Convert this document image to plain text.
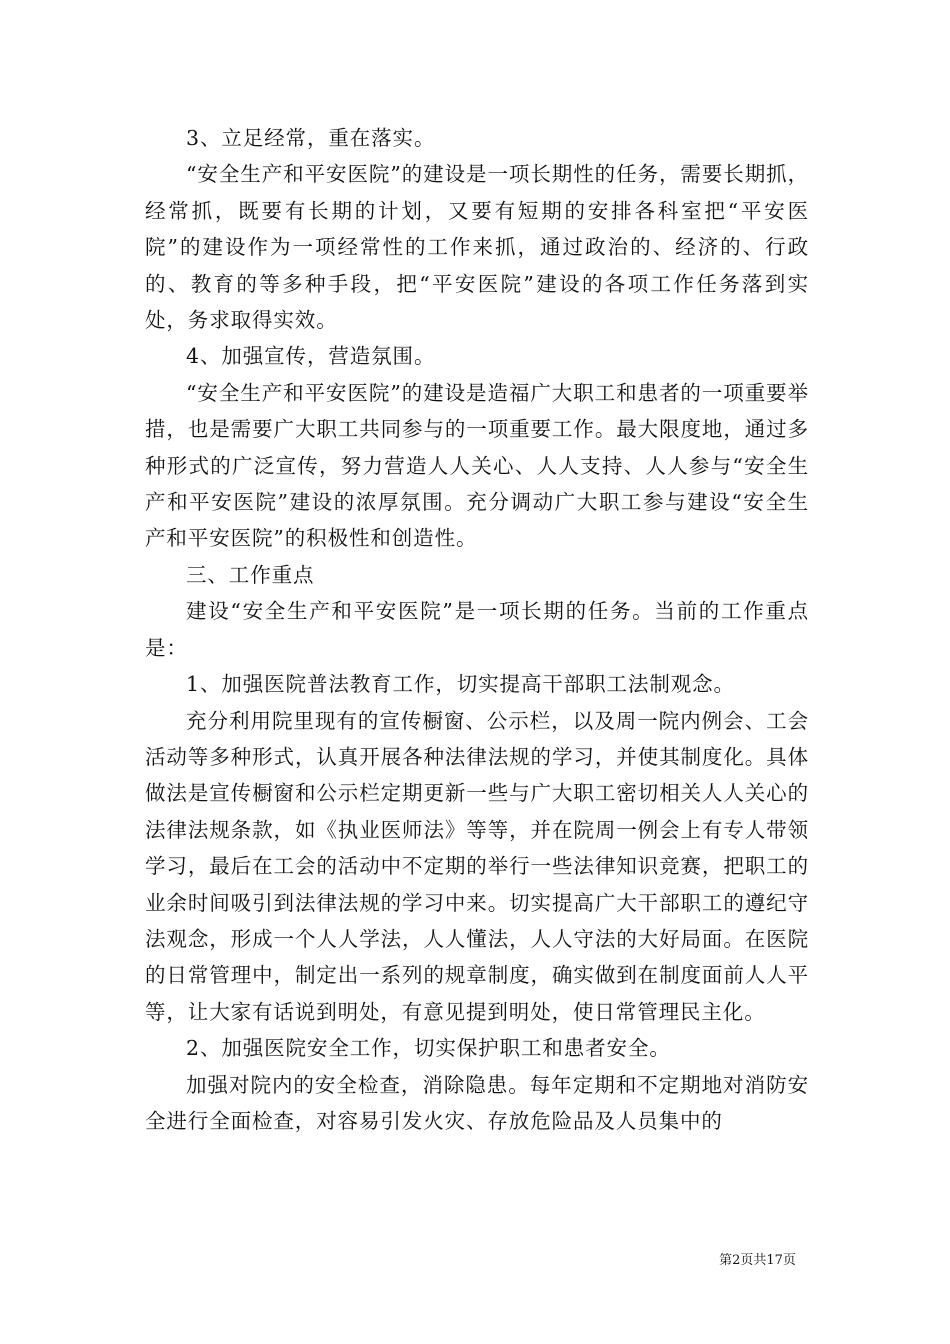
3、立足经常，重在落实。

“安全生产和平安医院”的建设是一项长期性的任务，需要长期抓，经常抓，既要有长期的计划，又要有短期的安排各科室把“平安医院”的建设作为一项经常性的工作来抓，通过政治的、经济的、行政的、教育的等多种手段，把“平安医院”建设的各项工作任务落到实处，务求取得实效。

4、加强宣传，营造氛围。

“安全生产和平安医院”的建设是造福广大职工和患者的一项重要举措，也是需要广大职工共同参与的一项重要工作。最大限度地，通过多种形式的广泛宣传，努力营造人人关心、人人支持、人人参与“安全生产和平安医院”建设的浓厚氛围。充分调动广大职工参与建设“安全生产和平安医院”的积极性和创造性。

三、工作重点

建设“安全生产和平安医院”是一项长期的任务。当前的工作重点是：

1、加强医院普法教育工作，切实提高干部职工法制观念。

充分利用院里现有的宣传橱窗、公示栏，以及周一院内例会、工会活动等多种形式，认真开展各种法律法规的学习，并使其制度化。具体做法是宣传橱窗和公示栏定期更新一些与广大职工密切相关人人关心的法律法规条款，如《执业医师法》等等，并在院周一例会上有专人带领学习，最后在工会的活动中不定期的举行一些法律知识竞赛，把职工的业余时间吸引到法律法规的学习中来。切实提高广大干部职工的遵纪守法观念，形成一个人人学法，人人懂法，人人守法的大好局面。在医院的日常管理中，制定出一系列的规章制度，确实做到在制度面前人人平等，让大家有话说到明处，有意见提到明处，使日常管理民主化。

2、加强医院安全工作，切实保护职工和患者安全。

加强对院内的安全检查，消除隐患。每年定期和不定期地对消防安全进行全面检查，对容易引发火灾、存放危险品及人员集中的

第2页共17页
